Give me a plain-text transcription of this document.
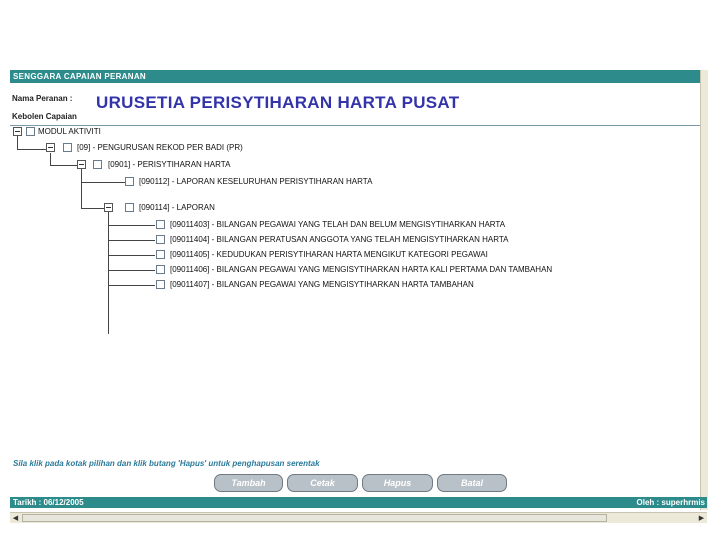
SENGGARA CAPAIAN PERANAN
Nama Peranan : URUSETIA PERISYTIHARAN HARTA PUSAT
Kebolen Capaian
MODUL AKTIVITI
[09] - PENGURUSAN REKOD PER BADI (PR)
[0901] - PERISYTIHARAN HARTA
[090112] - LAPORAN KESELURUHAN PERISYTIHARAN HARTA
[090114] - LAPORAN
[09011403] - BILANGAN PEGAWAI YANG TELAH DAN BELUM MENGISYTIHARKAN HARTA
[09011404] - BILANGAN PERATUSAN ANGGOTA YANG TELAH MENGISYTIHARKAN HARTA
[09011405] - KEDUDUKAN PERISYTIHARAN HARTA MENGIKUT KATEGORI PEGAWAI
[09011406] - BILANGAN PEGAWAI YANG MENGISYTIHARKAN HARTA KALI PERTAMA DAN TAMBAHAN
[09011407] - BILANGAN PEGAWAI YANG MENGISYTIHARKAN HARTA TAMBAHAN
◀	▶
Sila klik pada kotak pilihan dan klik butang 'Hapus' untuk penghapusan serentak
Tambah	Cetak	Hapus	Batal
Tarikh : 06/12/2005	Oleh : superhrmis
